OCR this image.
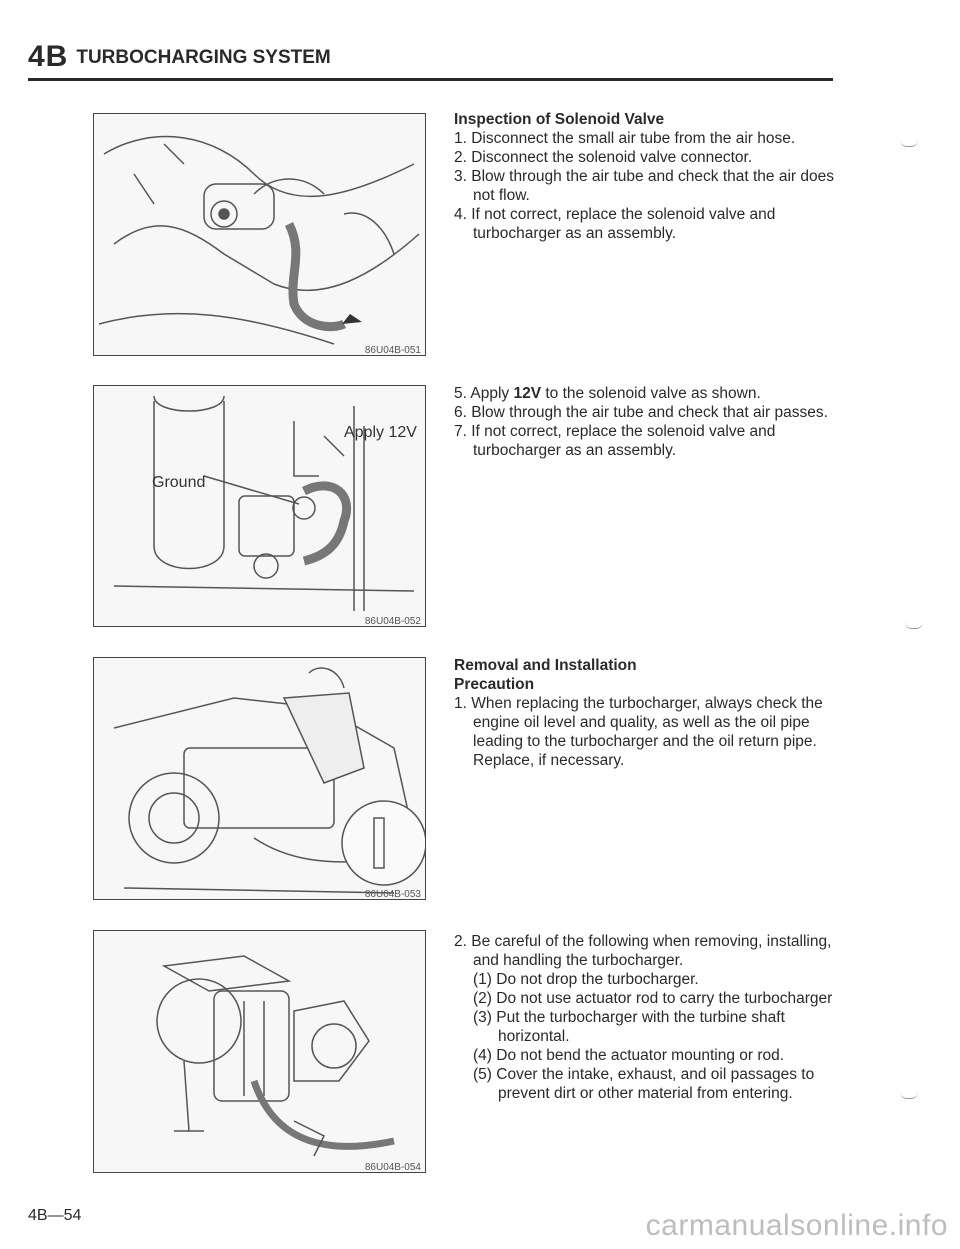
4B TURBOCHARGING SYSTEM
86U04B-051
Ground
Apply 12V
86U04B-052
86U04B-053
86U04B-054
Inspection of Solenoid Valve
1. Disconnect the small air tube from the air hose.
2. Disconnect the solenoid valve connector.
3. Blow through the air tube and check that the air does not flow.
4. If not correct, replace the solenoid valve and turbocharger as an assembly.
5. Apply 12V to the solenoid valve as shown.
6. Blow through the air tube and check that air passes.
7. If not correct, replace the solenoid valve and turbocharger as an assembly.
Removal and Installation
Precaution
1. When replacing the turbocharger, always check the engine oil level and quality, as well as the oil pipe leading to the turbocharger and the oil return pipe.
Replace, if necessary.
2. Be careful of the following when removing, installing, and handling the turbocharger.
(1) Do not drop the turbocharger.
(2) Do not use actuator rod to carry the turbocharger
(3) Put the turbocharger with the turbine shaft horizontal.
(4) Do not bend the actuator mounting or rod.
(5) Cover the intake, exhaust, and oil passages to prevent dirt or other material from entering.
4B—54	carmanualsonline.info
